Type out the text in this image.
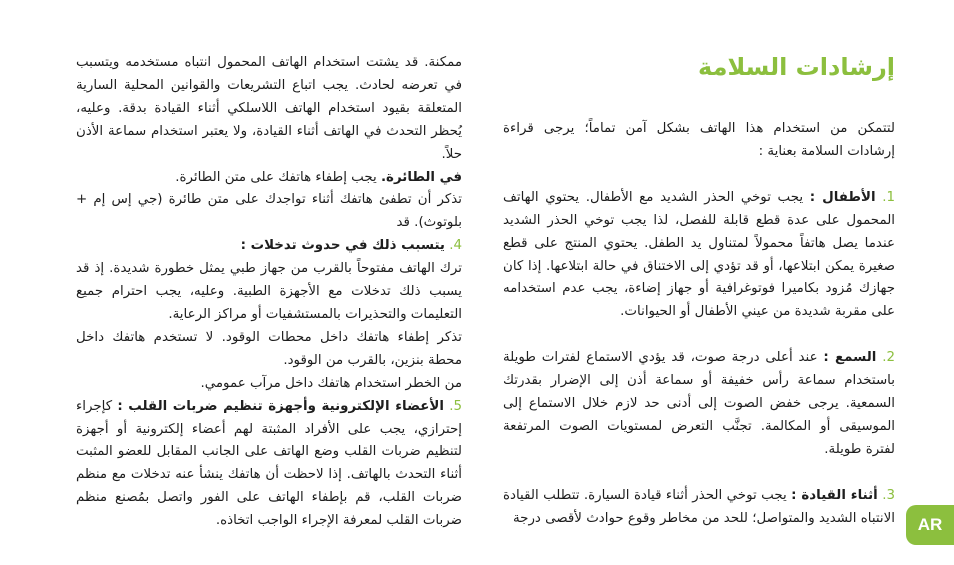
إرشادات السلامة

لتتمكن من استخدام هذا الهاتف بشكل آمن تماماً؛ يرجى قراءة إرشادات السلامة بعناية :

1. الأطفال : يجب توخي الحذر الشديد مع الأطفال. يحتوي الهاتف المحمول على عدة قطع قابلة للفصل، لذا يجب توخي الحذر الشديد عندما يصل هاتفاً محمولاً لمتناول يد الطفل. يحتوي المنتج على قطع صغيرة يمكن ابتلاعها، أو قد تؤدي إلى الاختناق في حالة ابتلاعها. إذا كان جهازك مُزود بكاميرا فوتوغرافية أو جهاز إضاءة، يجب عدم استخدامه على مقربة شديدة من عيني الأطفال أو الحيوانات.

2. السمع : عند أعلى درجة صوت، قد يؤدي الاستماع لفترات طويلة باستخدام سماعة رأس خفيفة أو سماعة أذن إلى الإضرار بقدرتك السمعية. يرجى خفض الصوت إلى أدنى حد لازم خلال الاستماع إلى الموسيقى أو المكالمة. تجنَّب التعرض لمستويات الصوت المرتفعة لفترة طويلة.

3. أثناء القيادة : يجب توخي الحذر أثناء قيادة السيارة. تتطلب القيادة الانتباه الشديد والمتواصل؛ للحد من مخاطر وقوع حوادث لأقصى درجة

ممكنة. قد يشتت استخدام الهاتف المحمول انتباه مستخدمه ويتسبب في تعرضه لحادث. يجب اتباع التشريعات والقوانين المحلية السارية المتعلقة بقيود استخدام الهاتف اللاسلكي أثناء القيادة بدقة. وعليه، يُحظر التحدث في الهاتف أثناء القيادة، ولا يعتبر استخدام سماعة الأذن حلاً.

في الطائرة. يجب إطفاء هاتفك على متن الطائرة.

تذكر أن تطفئ هاتفك أثناء تواجدك على متن طائرة (جي إس إم + بلوتوث). قد

4. يتسبب ذلك في حدوث تدخلات :

ترك الهاتف مفتوحاً بالقرب من جهاز طبي يمثل خطورة شديدة. إذ قد يسبب ذلك تدخلات مع الأجهزة الطبية. وعليه، يجب احترام جميع التعليمات والتحذيرات بالمستشفيات أو مراكز الرعاية.

تذكر إطفاء هاتفك داخل محطات الوقود. لا تستخدم هاتفك داخل محطة بنزين، بالقرب من الوقود.

من الخطر استخدام هاتفك داخل مرآب عمومي.

5. الأعضاء الإلكترونية وأجهزة تنظيم ضربات القلب : كإجراء إحترازي، يجب على الأفراد المثبتة لهم أعضاء إلكترونية أو أجهزة لتنظيم ضربات القلب وضع الهاتف على الجانب المقابل للعضو المثبت أثناء التحدث بالهاتف. إذا لاحظت أن هاتفك ينشأ عنه تدخلات مع منظم ضربات القلب، قم بإطفاء الهاتف على الفور واتصل بمُصنع منظم ضربات القلب لمعرفة الإجراء الواجب اتخاذه.	AR
